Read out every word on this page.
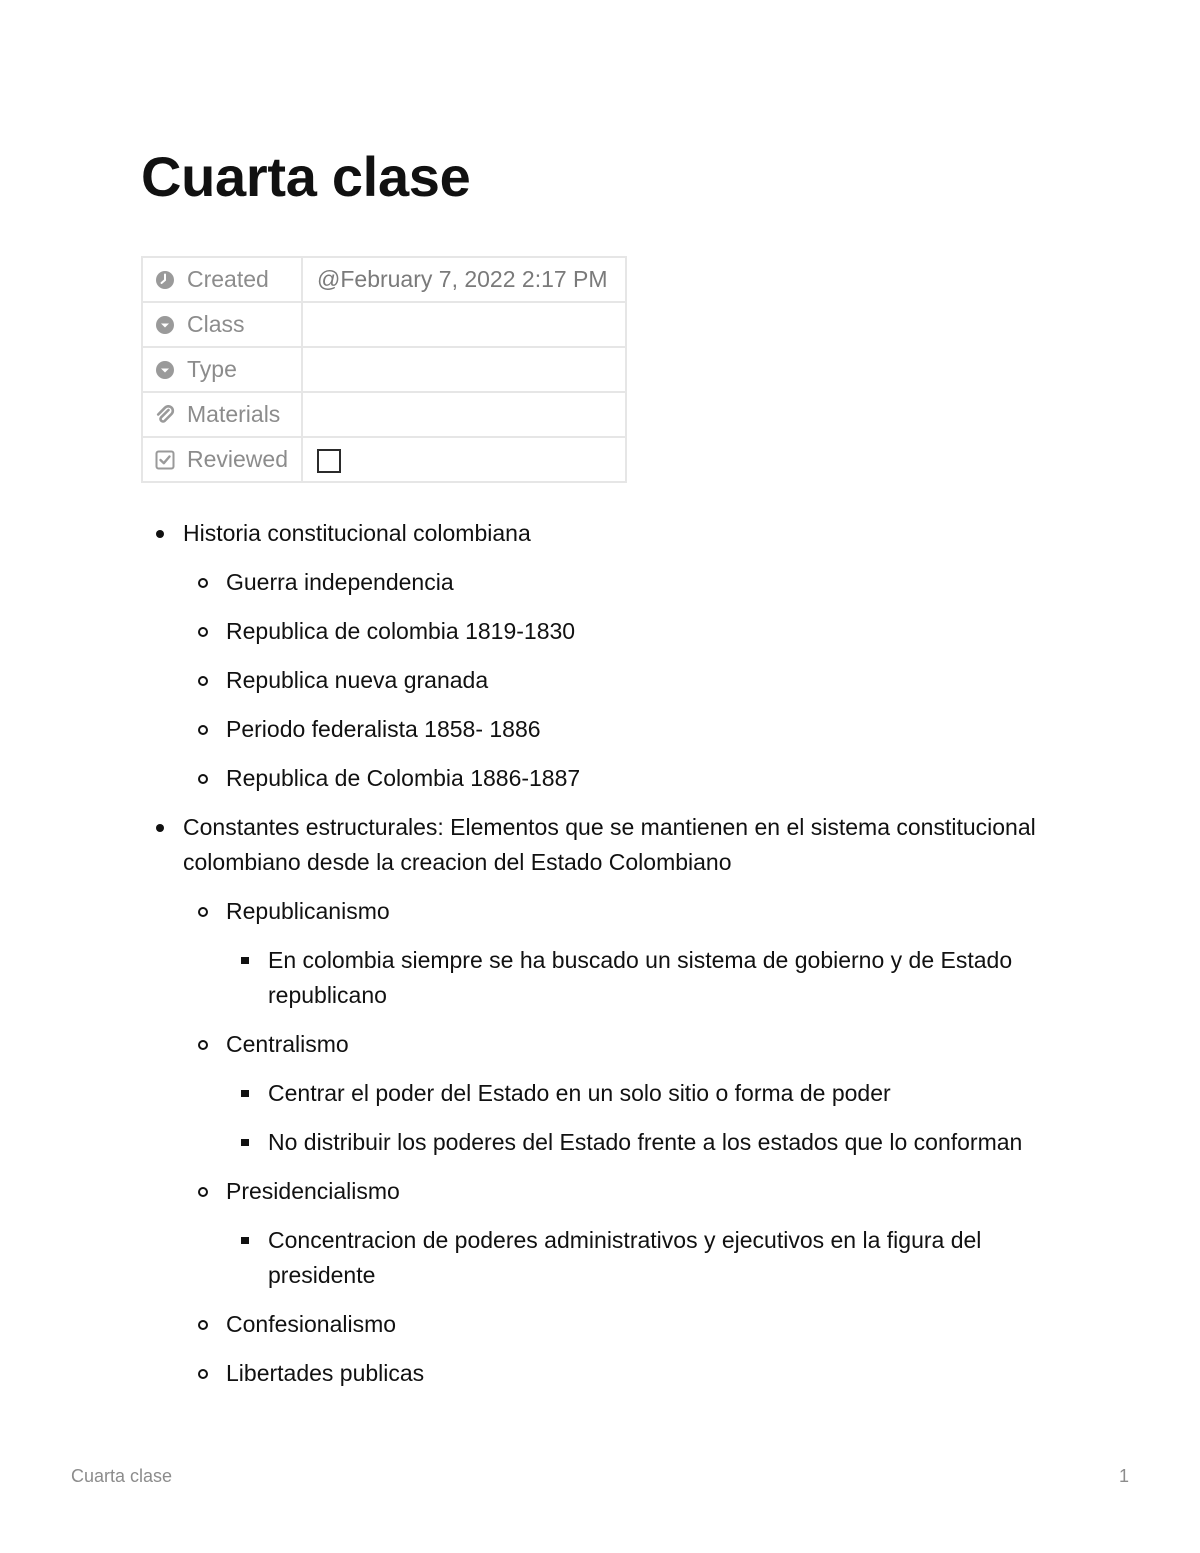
Cuarta clase
Created	@February 7, 2022 2:17 PM

Class	

Type	

Materials	

Reviewed	

Historia constitucional colombiana
Guerra independencia
Republica de colombia 1819-1830
Republica nueva granada
Periodo federalista 1858- 1886
Republica de Colombia 1886-1887
Constantes estructurales: Elementos que se mantienen en el sistema constitucional colombiano desde la creacion del Estado Colombiano
Republicanismo
En colombia siempre se ha buscado un sistema de gobierno y de Estado republicano
Centralismo
Centrar el poder del Estado en un solo sitio o forma de poder
No distribuir los poderes del Estado frente a los estados que lo conforman
Presidencialismo
Concentracion de poderes administrativos y ejecutivos en la figura del presidente
Confesionalismo
Libertades publicas
Cuarta clase	1
